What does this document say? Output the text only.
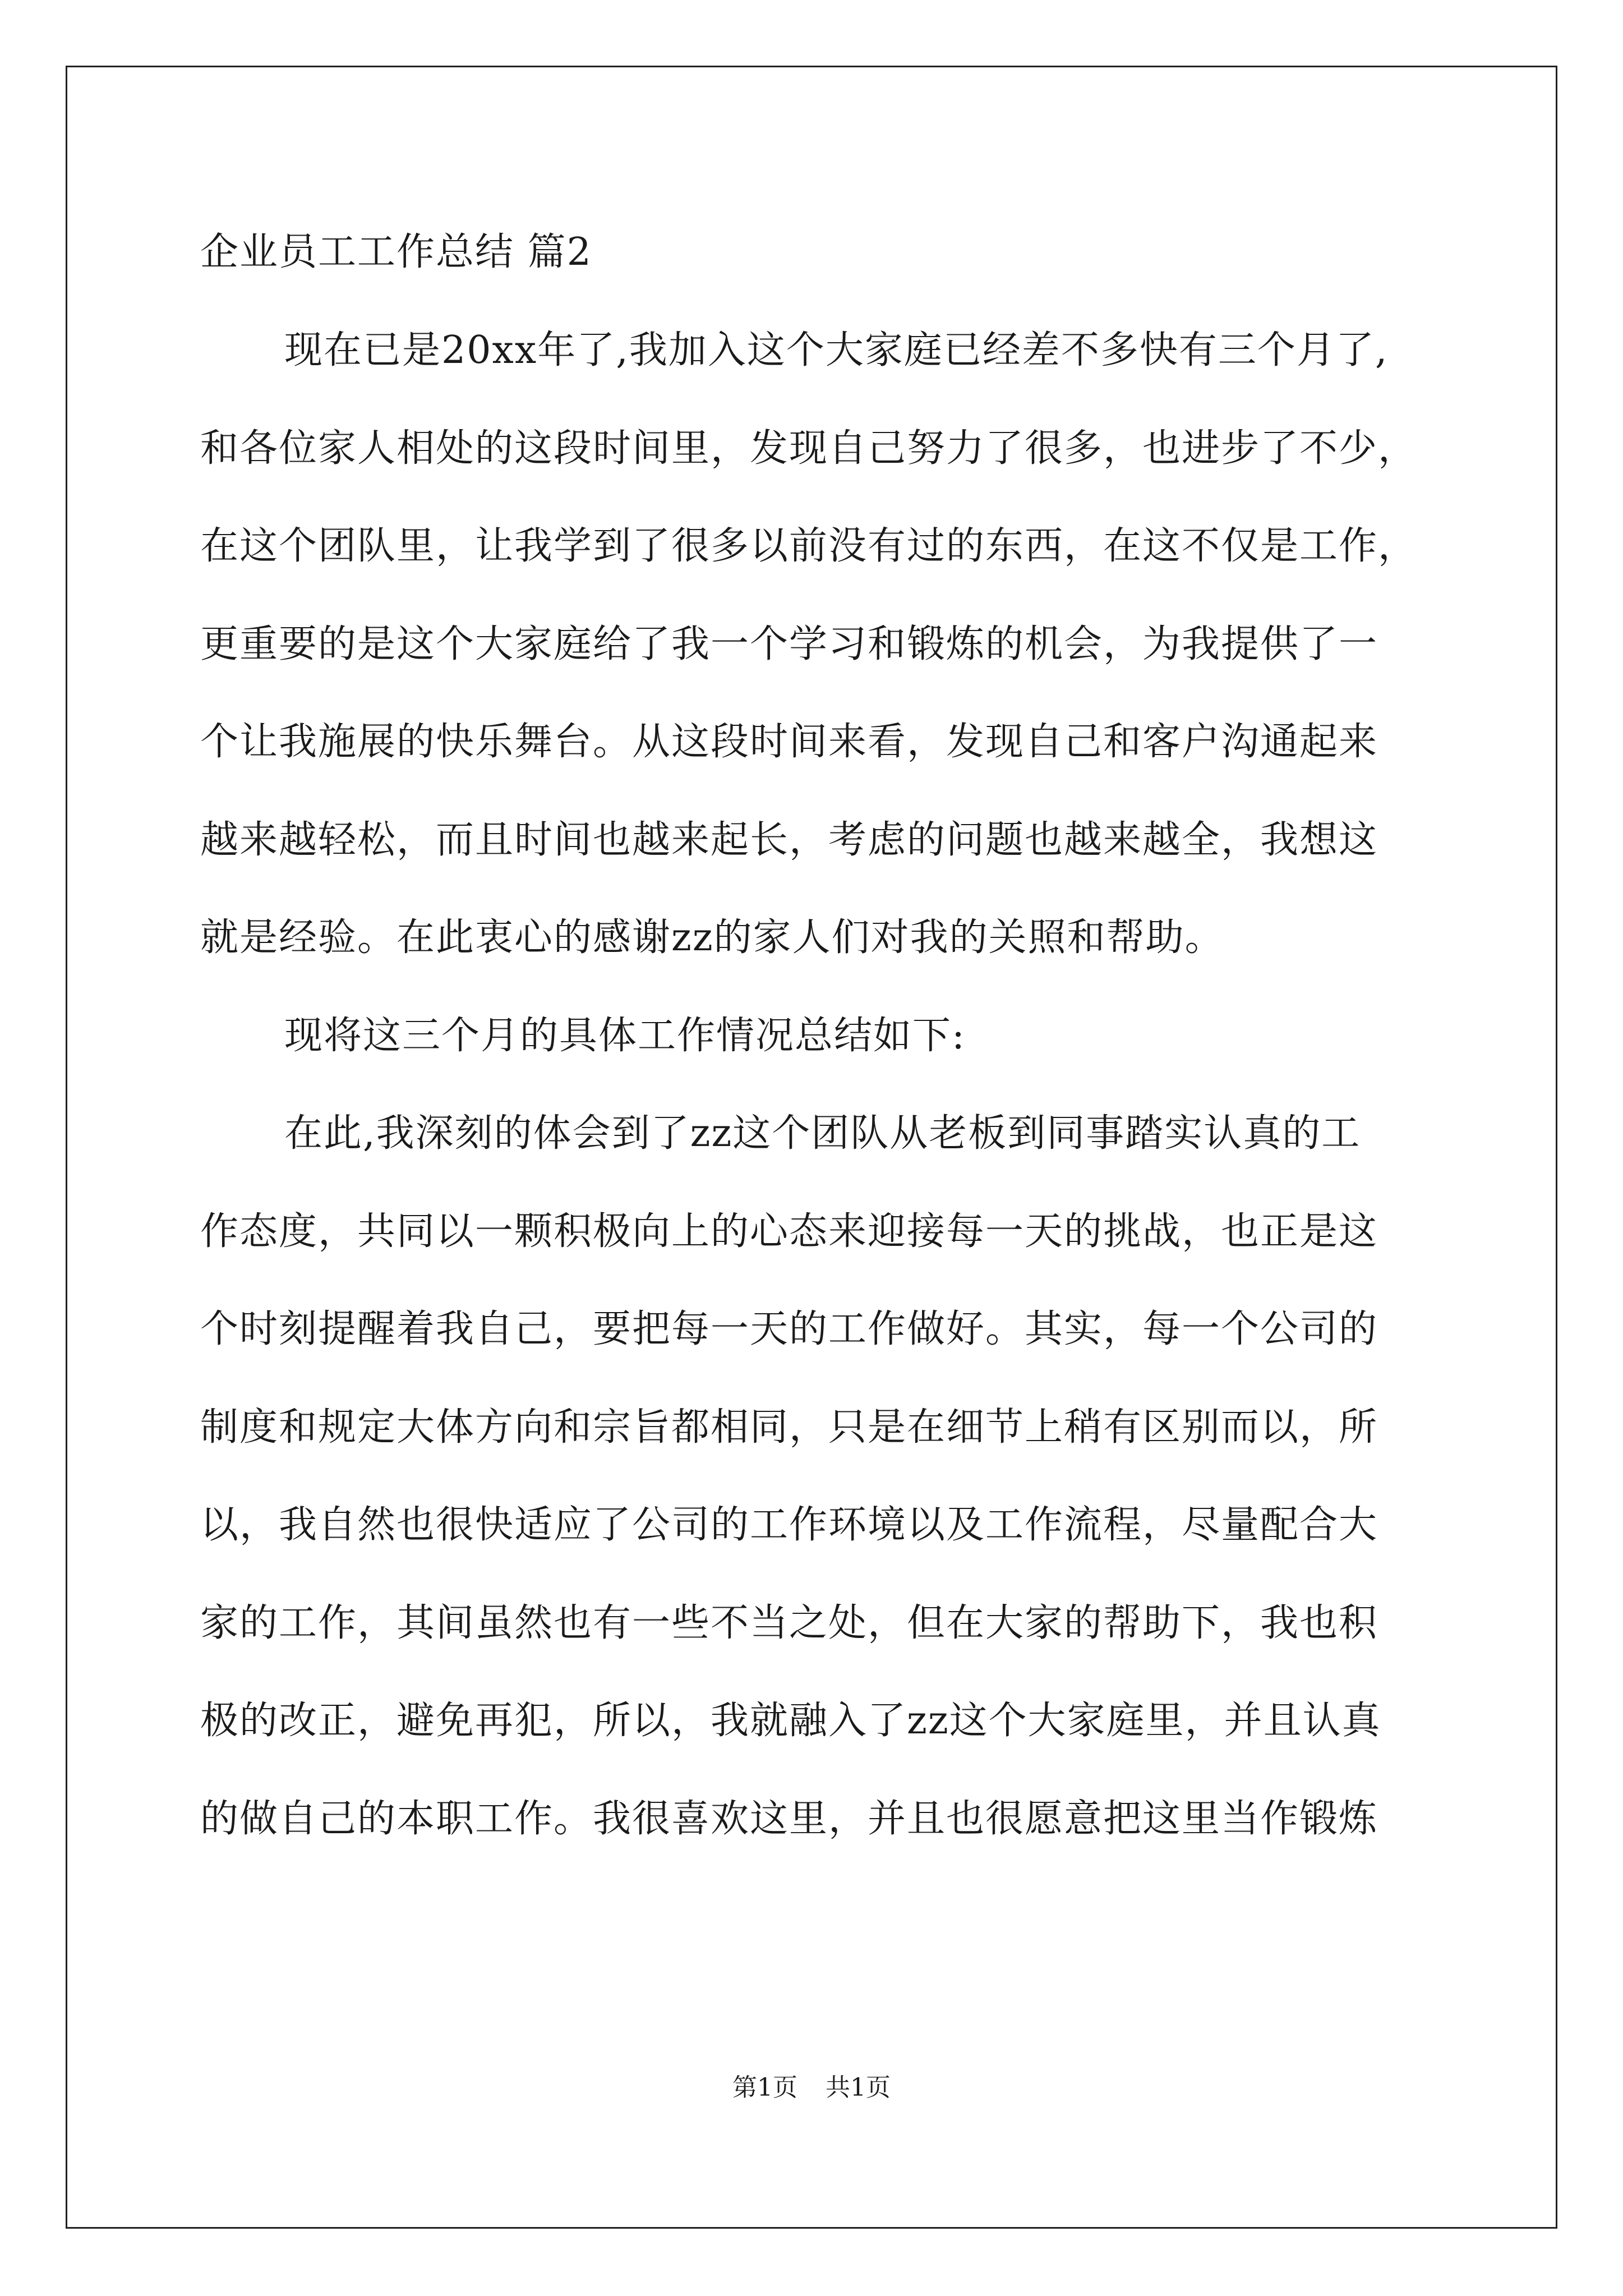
企业员工工作总结 篇2
现在已是20xx年了,我加入这个大家庭已经差不多快有三个月了,
和各位家人相处的这段时间里，发现自己努力了很多，也进步了不少，
在这个团队里，让我学到了很多以前没有过的东西，在这不仅是工作，
更重要的是这个大家庭给了我一个学习和锻炼的机会，为我提供了一
个让我施展的快乐舞台。从这段时间来看，发现自己和客户沟通起来
越来越轻松，而且时间也越来起长，考虑的问题也越来越全，我想这
就是经验。在此衷心的感谢zz的家人们对我的关照和帮助。
现将这三个月的具体工作情况总结如下:
在此,我深刻的体会到了zz这个团队从老板到同事踏实认真的工
作态度，共同以一颗积极向上的心态来迎接每一天的挑战，也正是这
个时刻提醒着我自己，要把每一天的工作做好。其实，每一个公司的
制度和规定大体方向和宗旨都相同，只是在细节上稍有区别而以，所
以，我自然也很快适应了公司的工作环境以及工作流程，尽量配合大
家的工作，其间虽然也有一些不当之处，但在大家的帮助下，我也积
极的改正，避免再犯，所以，我就融入了zz这个大家庭里，并且认真
的做自己的本职工作。我很喜欢这里，并且也很愿意把这里当作锻炼
第1页 共1页
